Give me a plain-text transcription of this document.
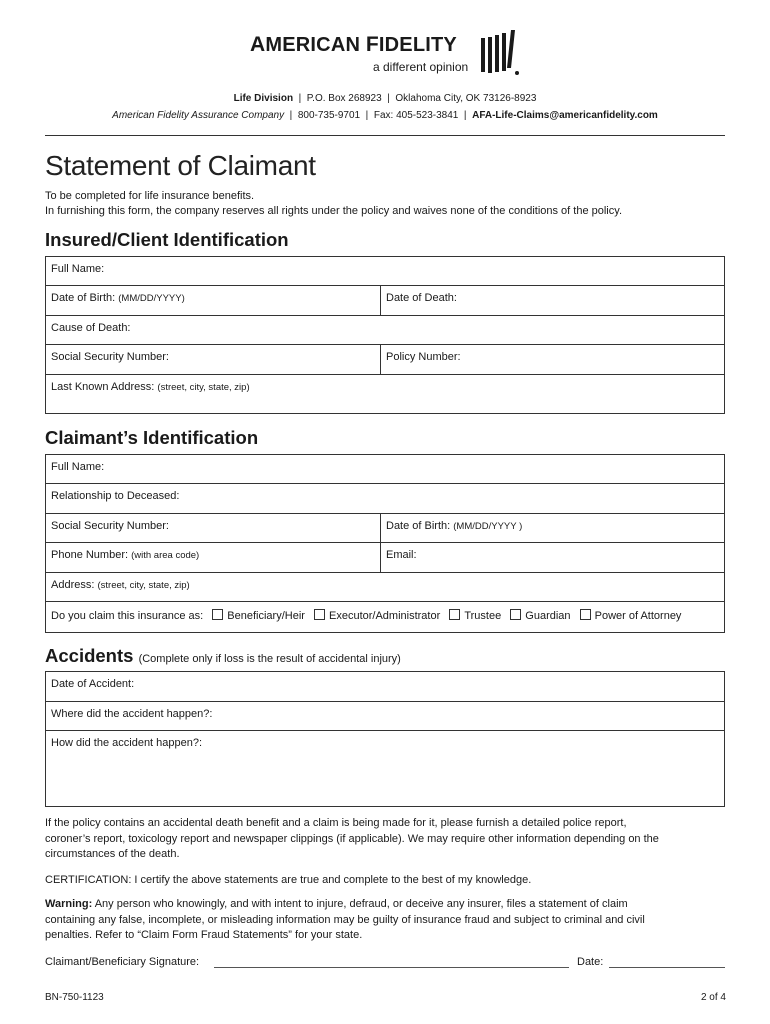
AMERICAN FIDELITY
a different opinion
Life Division | P.O. Box 268923 | Oklahoma City, OK 73126-8923
American Fidelity Assurance Company | 800-735-9701 | Fax: 405-523-3841 | AFA-Life-Claims@americanfidelity.com
Statement of Claimant
To be completed for life insurance benefits.
In furnishing this form, the company reserves all rights under the policy and waives none of the conditions of the policy.
Insured/Client Identification
Full Name:
Date of Birth: (MM/DD/YYYY)	Date of Death:
Cause of Death:
Social Security Number:	Policy Number:
Last Known Address: (street, city, state, zip)
Claimant’s Identification
Full Name:
Relationship to Deceased:
Social Security Number:	Date of Birth: (MM/DD/YYYY )
Phone Number: (with area code)	Email:
Address: (street, city, state, zip)
Do you claim this insurance as: Beneficiary/Heir Executor/Administrator Trustee Guardian Power of Attorney
Accidents (Complete only if loss is the result of accidental injury)
Date of Accident:
Where did the accident happen?:
How did the accident happen?:
If the policy contains an accidental death benefit and a claim is being made for it, please furnish a detailed police report,
coroner’s report, toxicology report and newspaper clippings (if applicable). We may require other information depending on the
circumstances of the death.
CERTIFICATION: I certify the above statements are true and complete to the best of my knowledge.
Warning: Any person who knowingly, and with intent to injure, defraud, or deceive any insurer, files a statement of claim
containing any false, incomplete, or misleading information may be guilty of insurance fraud and subject to criminal and civil
penalties. Refer to “Claim Form Fraud Statements” for your state.
Claimant/Beneficiary Signature:	Date:
BN-750-1123	2 of 4
